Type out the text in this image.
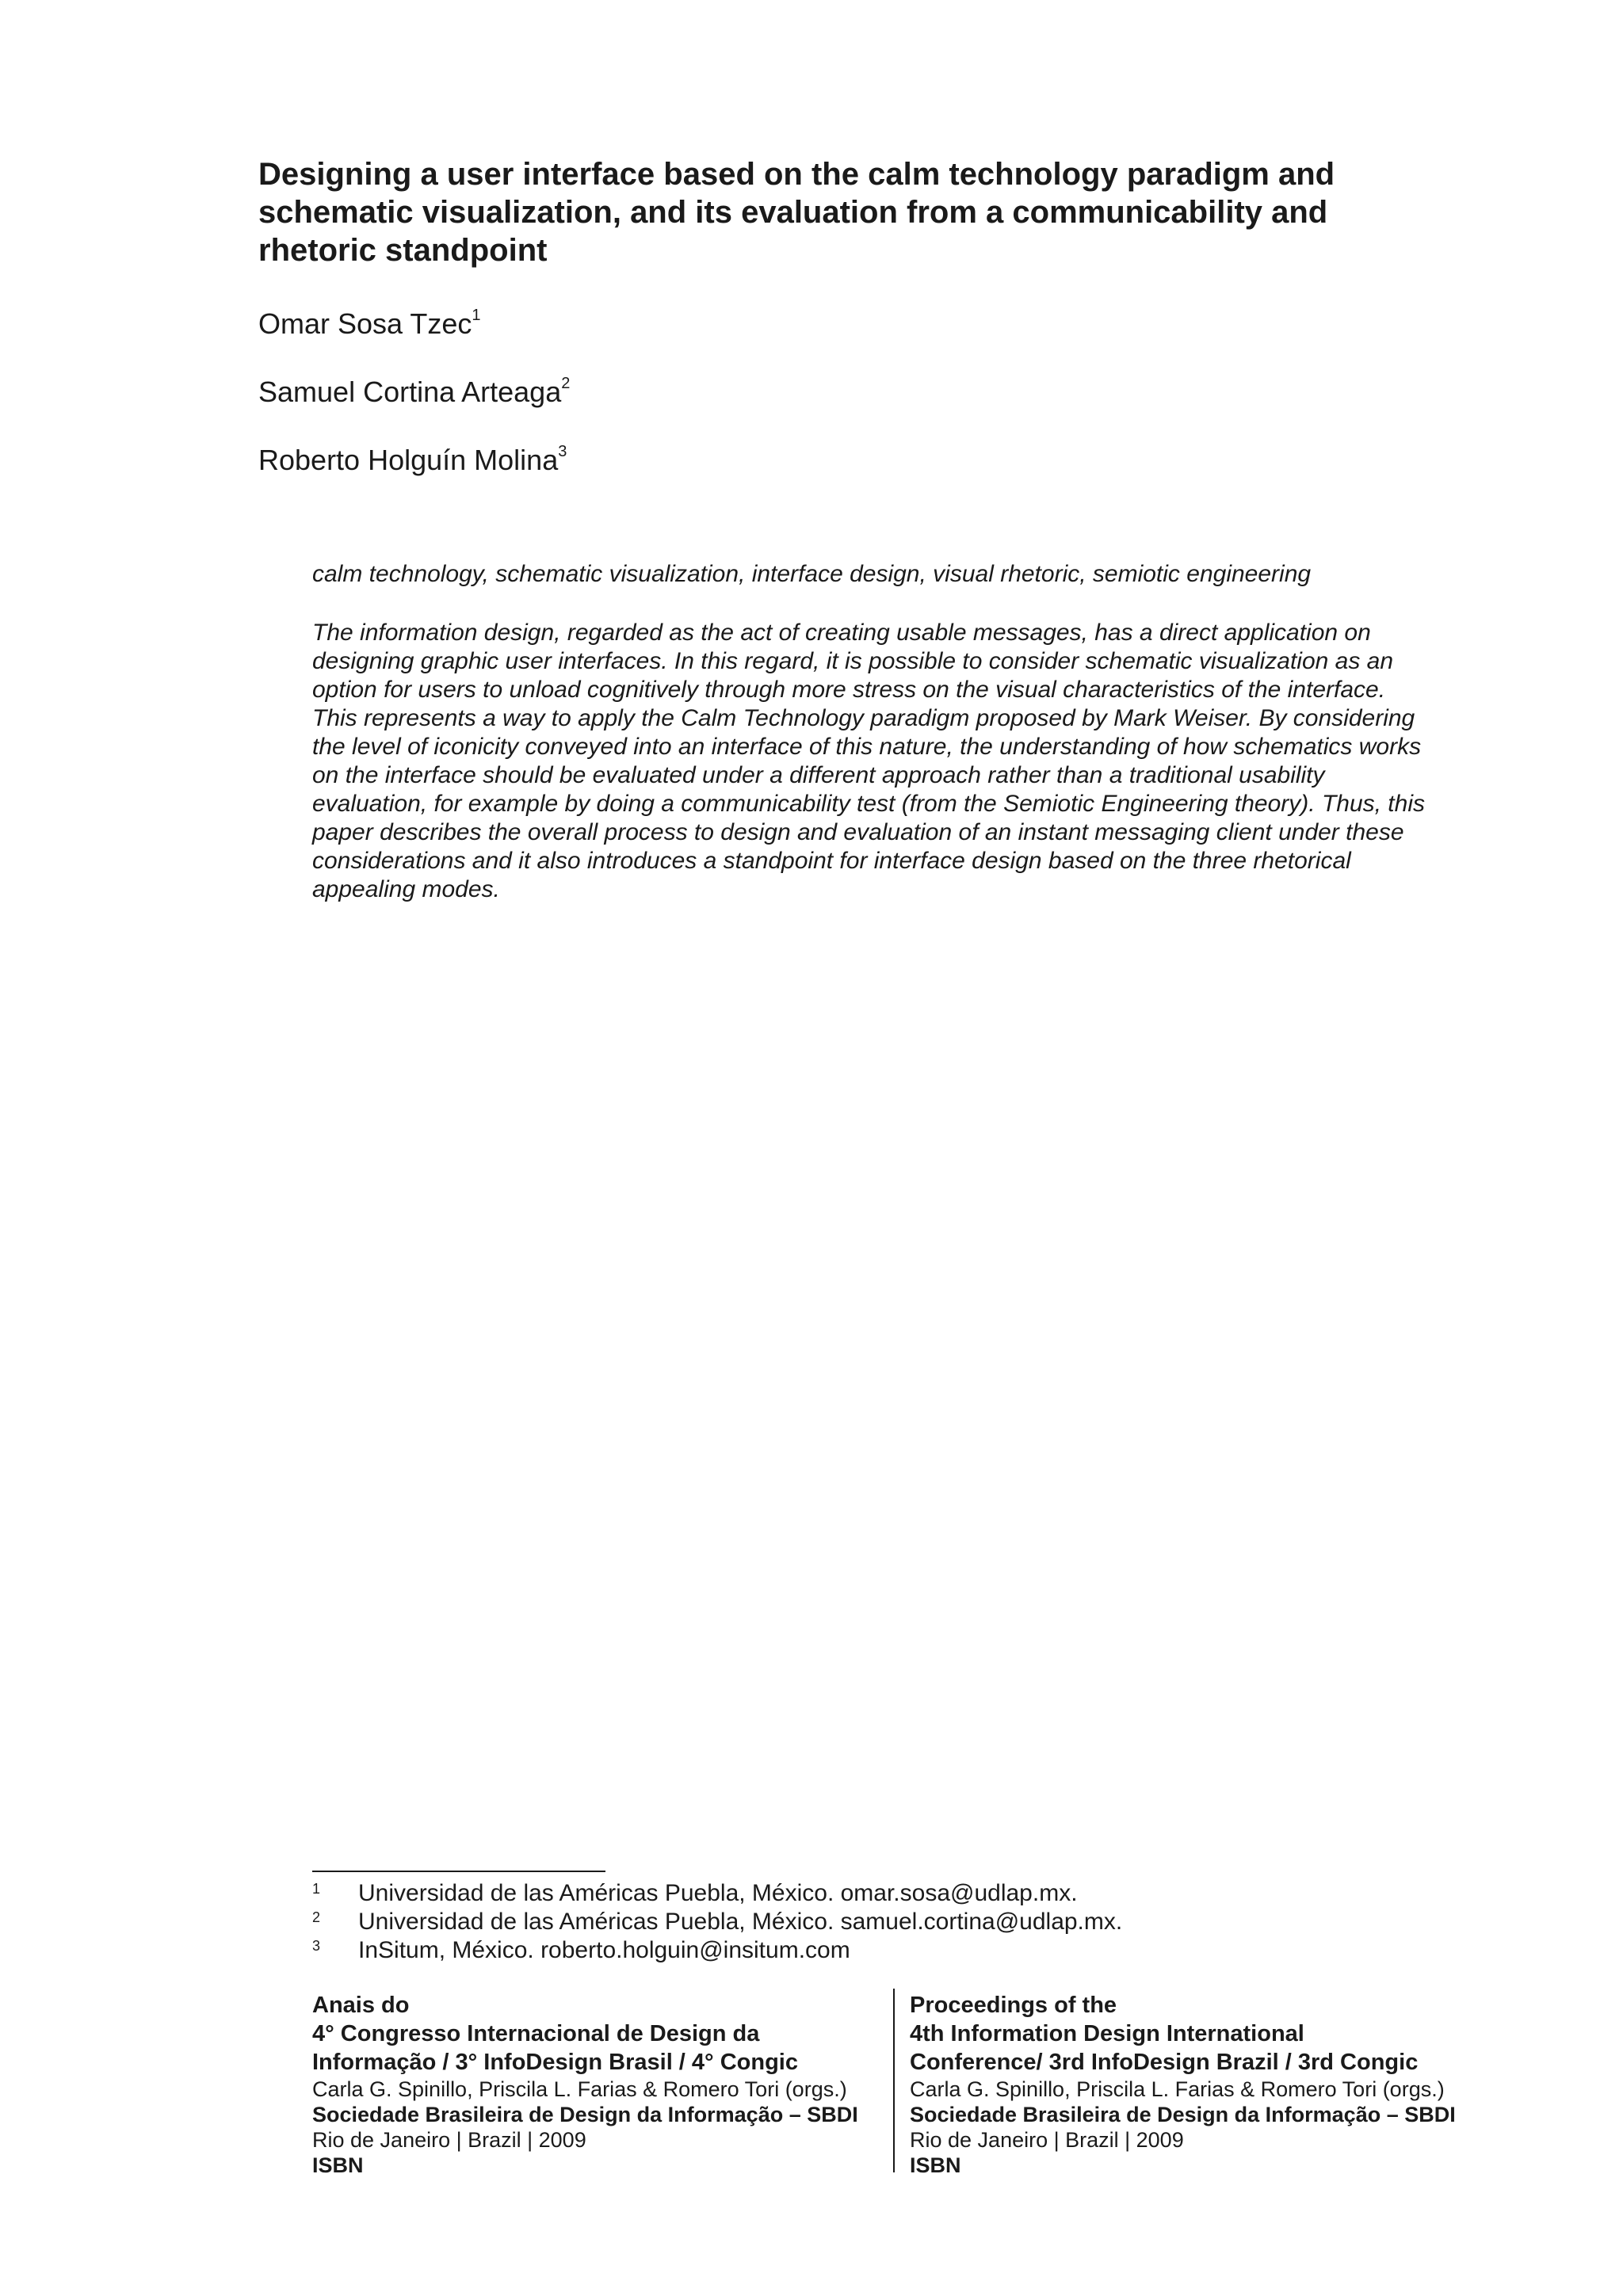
Designing a user interface based on the calm technology paradigm and
schematic visualization, and its evaluation from a communicability and
rhetoric standpoint

Omar Sosa Tzec$^1$

Samuel Cortina Arteaga$^2$

Roberto Holguín Molina$^3$

calm technology, schematic visualization, interface design, visual rhetoric, semiotic engineering

The information design, regarded as the act of creating usable messages, has a direct application on
designing graphic user interfaces. In this regard, it is possible to consider schematic visualization as an
option for users to unload cognitively through more stress on the visual characteristics of the interface.
This represents a way to apply the Calm Technology paradigm proposed by Mark Weiser. By considering
the level of iconicity conveyed into an interface of this nature, the understanding of how schematics works
on the interface should be evaluated under a different approach rather than a traditional usability
evaluation, for example by doing a communicability test (from the Semiotic Engineering theory). Thus, this
paper describes the overall process to design and evaluation of an instant messaging client under these
considerations and it also introduces a standpoint for interface design based on the three rhetorical
appealing modes.

1 Universidad de las Américas Puebla, México. omar.sosa@udlap.mx.
2 Universidad de las Américas Puebla, México. samuel.cortina@udlap.mx.
3 InSitum, México. roberto.holguin@insitum.com
Anais do
4° Congresso Internacional de Design da
Informação / 3° InfoDesign Brasil / 4° Congic
Carla G. Spinillo, Priscila L. Farias & Romero Tori (orgs.)
Sociedade Brasileira de Design da Informação – SBDI
Rio de Janeiro | Brazil | 2009
ISBN
Proceedings of the
4th Information Design International
Conference/ 3rd InfoDesign Brazil / 3rd Congic
Carla G. Spinillo, Priscila L. Farias & Romero Tori (orgs.)
Sociedade Brasileira de Design da Informação – SBDI
Rio de Janeiro | Brazil | 2009
ISBN
